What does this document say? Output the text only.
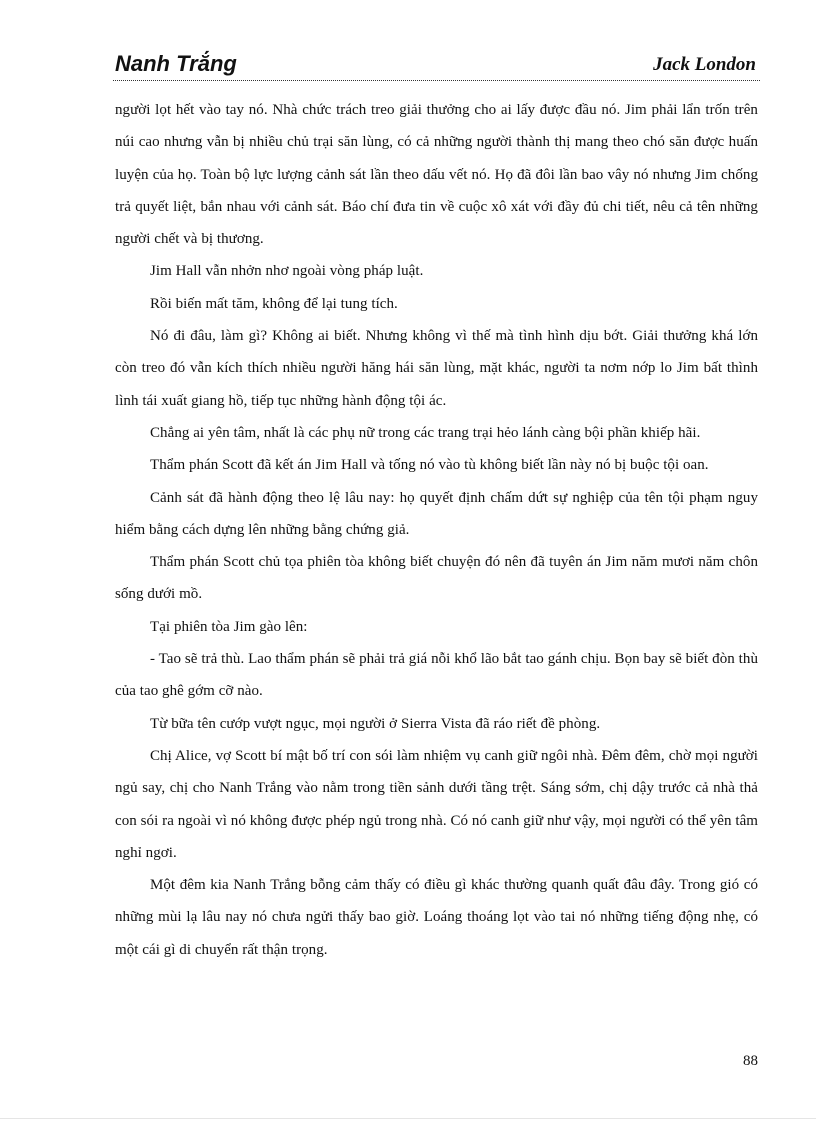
Nanh Trắng	Jack London

người lọt hết vào tay nó. Nhà chức trách treo giải thưởng cho ai lấy được đầu nó. Jim phải lẩn trốn trên núi cao nhưng vẫn bị nhiều chủ trại săn lùng, có cả những người thành thị mang theo chó săn được huấn luyện của họ. Toàn bộ lực lượng cảnh sát lần theo dấu vết nó. Họ đã đôi lần bao vây nó nhưng Jim chống trả quyết liệt, bắn nhau với cảnh sát. Báo chí đưa tin về cuộc xô xát với đầy đủ chi tiết, nêu cả tên những người chết và bị thương.

Jim Hall vẫn nhởn nhơ ngoài vòng pháp luật.

Rồi biến mất tăm, không để lại tung tích.

Nó đi đâu, làm gì? Không ai biết. Nhưng không vì thế mà tình hình dịu bớt. Giải thưởng khá lớn còn treo đó vẫn kích thích nhiều người hăng hái săn lùng, mặt khác, người ta nơm nớp lo Jim bất thình lình tái xuất giang hồ, tiếp tục những hành động tội ác.

Chẳng ai yên tâm, nhất là các phụ nữ trong các trang trại hẻo lánh càng bội phần khiếp hãi.

Thẩm phán Scott đã kết án Jim Hall và tống nó vào tù không biết lần này nó bị buộc tội oan.

Cảnh sát đã hành động theo lệ lâu nay: họ quyết định chấm dứt sự nghiệp của tên tội phạm nguy hiểm bằng cách dựng lên những bằng chứng giả.

Thẩm phán Scott chủ tọa phiên tòa không biết chuyện đó nên đã tuyên án Jim năm mươi năm chôn sống dưới mồ.

Tại phiên tòa Jim gào lên:

- Tao sẽ trả thù. Lao thẩm phán sẽ phải trả giá nỗi khổ lão bắt tao gánh chịu. Bọn bay sẽ biết đòn thù của tao ghê gớm cỡ nào.

Từ bữa tên cướp vượt ngục, mọi người ở Sierra Vista đã ráo riết đề phòng.

Chị Alice, vợ Scott bí mật bố trí con sói làm nhiệm vụ canh giữ ngôi nhà. Đêm đêm, chờ mọi người ngủ say, chị cho Nanh Trắng vào nằm trong tiền sảnh dưới tầng trệt. Sáng sớm, chị dậy trước cả nhà thả con sói ra ngoài vì nó không được phép ngủ trong nhà. Có nó canh giữ như vậy, mọi người có thể yên tâm nghỉ ngơi.

Một đêm kia Nanh Trắng bỗng cảm thấy có điều gì khác thường quanh quất đâu đây. Trong gió có những mùi lạ lâu nay nó chưa ngửi thấy bao giờ. Loáng thoáng lọt vào tai nó những tiếng động nhẹ, có một cái gì di chuyển rất thận trọng.

88
